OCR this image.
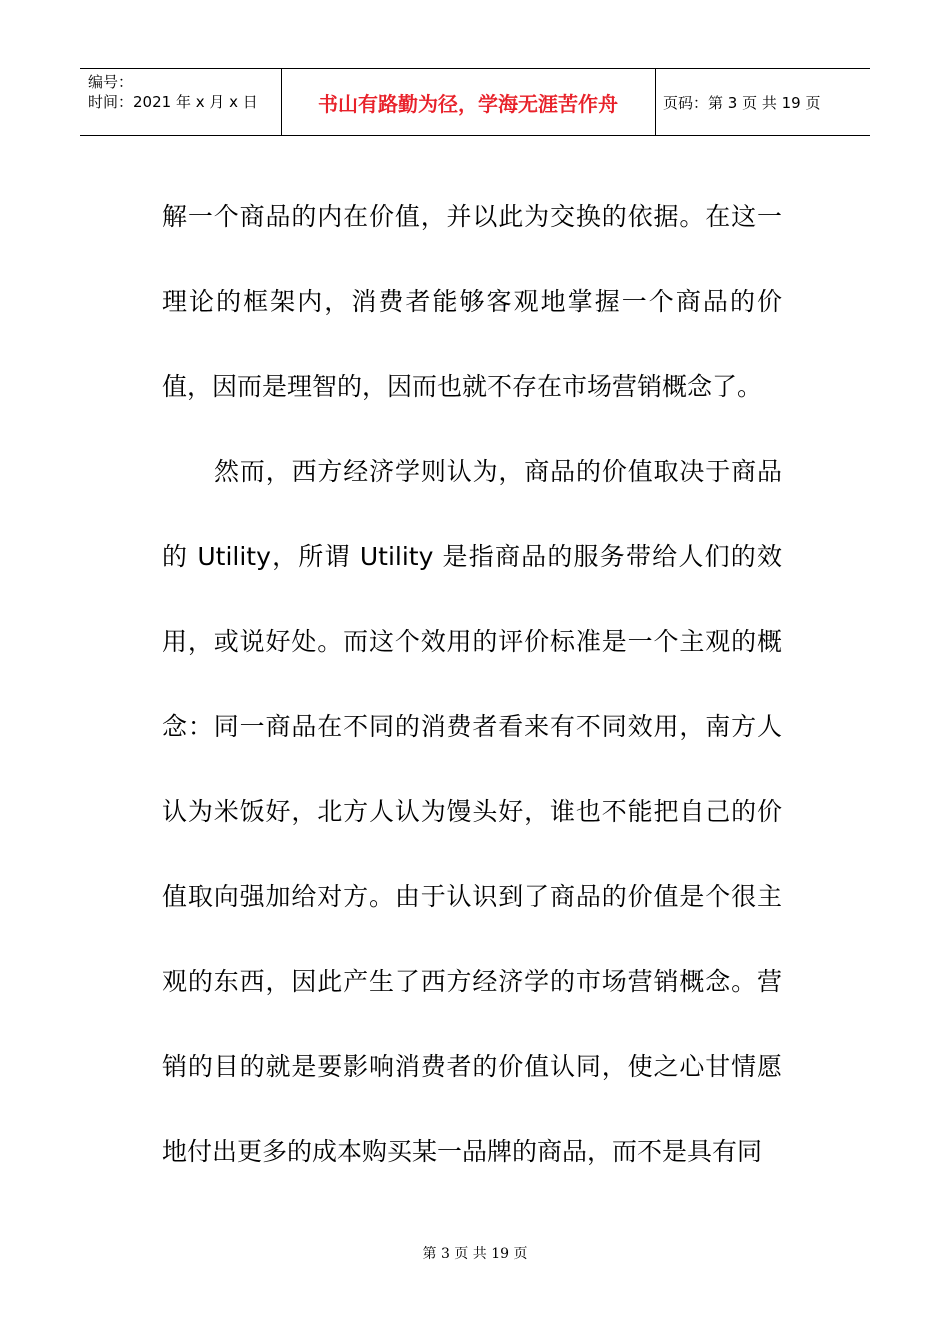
编号：
时间：2021 年 x 月 x 日	书山有路勤为径，学海无涯苦作舟	页码：第 3 页 共 19 页

解一个商品的内在价值，并以此为交换的依据。在这一理论的框架内，消费者能够客观地掌握一个商品的价值，因而是理智的，因而也就不存在市场营销概念了。

然而，西方经济学则认为，商品的价值取决于商品的 Utility，所谓 Utility 是指商品的服务带给人们的效用，或说好处。而这个效用的评价标准是一个主观的概念：同一商品在不同的消费者看来有不同效用，南方人认为米饭好，北方人认为馒头好，谁也不能把自己的价值取向强加给对方。由于认识到了商品的价值是个很主观的东西，因此产生了西方经济学的市场营销概念。营销的目的就是要影响消费者的价值认同，使之心甘情愿地付出更多的成本购买某一品牌的商品，而不是具有同

第 3 页 共 19 页
